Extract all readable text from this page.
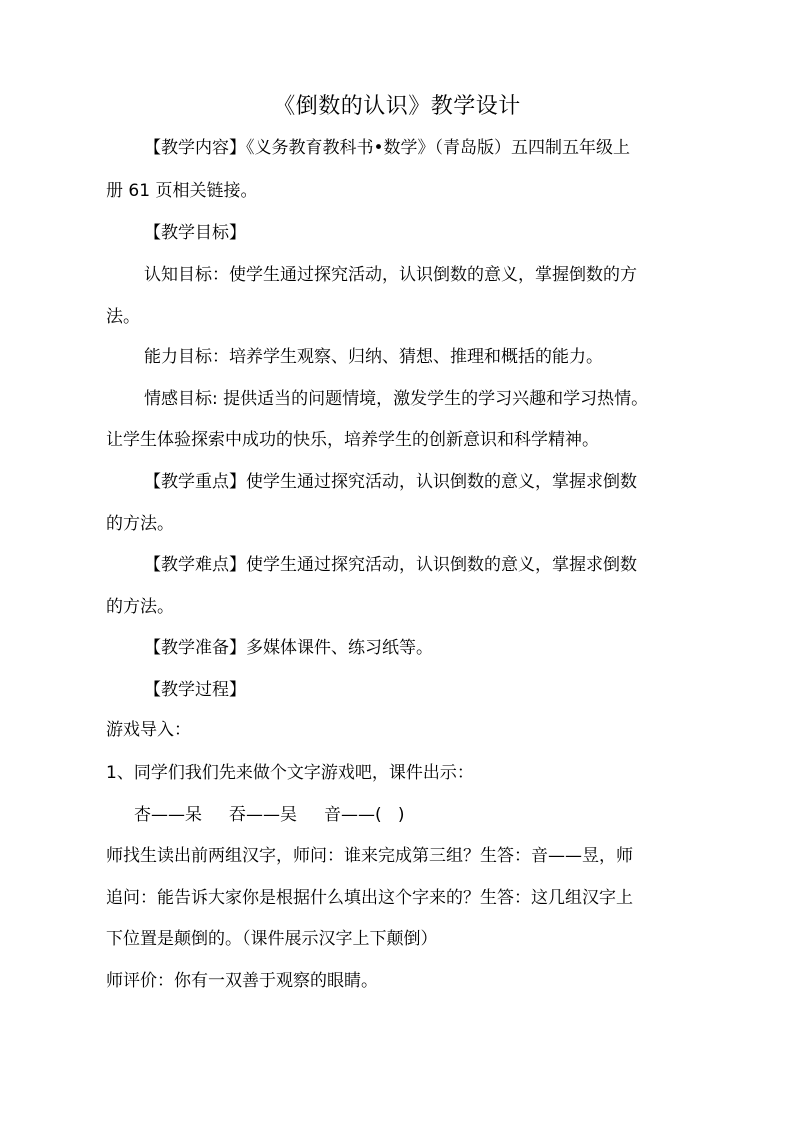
《倒数的认识》教学设计
【教学内容】《义务教育教科书•数学》（青岛版）五四制五年级上
册 61 页相关链接。
【教学目标】
认知目标：使学生通过探究活动，认识倒数的意义，掌握倒数的方
法。
能力目标：培养学生观察、归纳、猜想、推理和概括的能力。
情感目标: 提供适当的问题情境，激发学生的学习兴趣和学习热情。
让学生体验探索中成功的快乐，培养学生的创新意识和科学精神。
【教学重点】使学生通过探究活动，认识倒数的意义，掌握求倒数
的方法。
【教学难点】使学生通过探究活动，认识倒数的意义，掌握求倒数
的方法。
【教学准备】多媒体课件、练习纸等。
【教学过程】
游戏导入：
1、同学们我们先来做个文字游戏吧，课件出示：
杏——呆     吞——吴     音——(   )
师找生读出前两组汉字，师问：谁来完成第三组？生答：音——昱，师
追问：能告诉大家你是根据什么填出这个字来的？生答：这几组汉字上
下位置是颠倒的。（课件展示汉字上下颠倒）
师评价：你有一双善于观察的眼睛。
